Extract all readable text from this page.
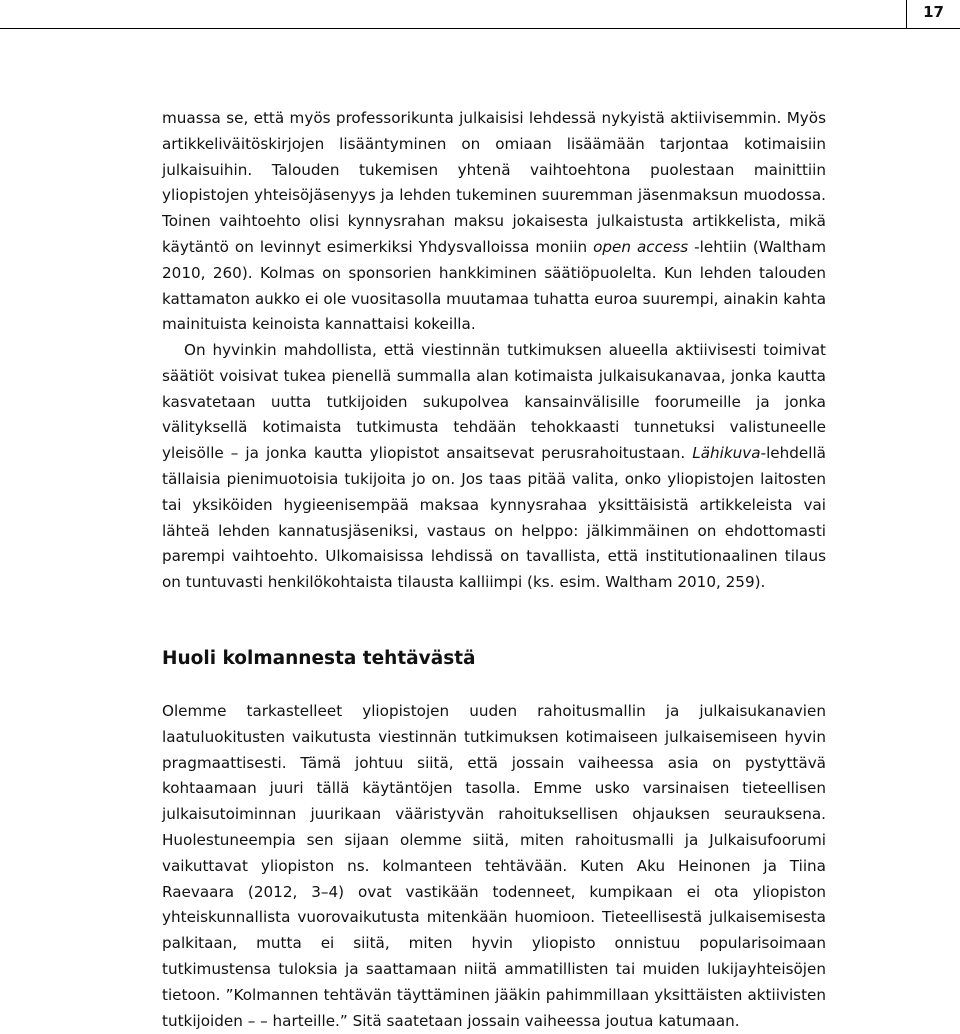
17

muassa se, että myös professorikunta julkaisisi lehdessä nykyistä aktiivisemmin. Myös artikkeliväitöskirjojen lisääntyminen on omiaan lisäämään tarjontaa kotimaisiin julkaisuihin. Talouden tukemisen yhtenä vaihtoehtona puolestaan mainittiin yliopistojen yhteisöjäsenyys ja lehden tukeminen suuremman jäsenmaksun muodossa. Toinen vaihtoehto olisi kynnysrahan maksu jokaisesta julkaistusta artikkelista, mikä käytäntö on levinnyt esimerkiksi Yhdysvalloissa moniin open access -lehtiin (Waltham 2010, 260). Kolmas on sponsorien hankkiminen säätiöpuolelta. Kun lehden talouden kattamaton aukko ei ole vuositasolla muutamaa tuhatta euroa suurempi, ainakin kahta mainituista keinoista kannattaisi kokeilla.

On hyvinkin mahdollista, että viestinnän tutkimuksen alueella aktiivisesti toimivat säätiöt voisivat tukea pienellä summalla alan kotimaista julkaisukanavaa, jonka kautta kasvatetaan uutta tutkijoiden sukupolvea kansainvälisille foorumeille ja jonka välityksellä kotimaista tutkimusta tehdään tehokkaasti tunnetuksi valistuneelle yleisölle – ja jonka kautta yliopistot ansaitsevat perusrahoitustaan. Lähikuva-lehdellä tällaisia pienimuotoisia tukijoita jo on. Jos taas pitää valita, onko yliopistojen laitosten tai yksiköiden hygieenisempää maksaa kynnysrahaa yksittäisistä artikkeleista vai lähteä lehden kannatusjäseniksi, vastaus on helppo: jälkimmäinen on ehdottomasti parempi vaihtoehto. Ulkomaisissa lehdissä on tavallista, että institutionaalinen tilaus on tuntuvasti henkilökohtaista tilausta kalliimpi (ks. esim. Waltham 2010, 259).

Huoli kolmannesta tehtävästä

Olemme tarkastelleet yliopistojen uuden rahoitusmallin ja julkaisukanavien laatuluokitusten vaikutusta viestinnän tutkimuksen kotimaiseen julkaisemiseen hyvin pragmaattisesti. Tämä johtuu siitä, että jossain vaiheessa asia on pystyttävä kohtaamaan juuri tällä käytäntöjen tasolla. Emme usko varsinaisen tieteellisen julkaisutoiminnan juurikaan vääristyvän rahoituksellisen ohjauksen seurauksena. Huolestuneempia sen sijaan olemme siitä, miten rahoitusmalli ja Julkaisufoorumi vaikuttavat yliopiston ns. kolmanteen tehtävään. Kuten Aku Heinonen ja Tiina Raevaara (2012, 3–4) ovat vastikään todenneet, kumpikaan ei ota yliopiston yhteiskunnallista vuorovaikutusta mitenkään huomioon. Tieteellisestä julkaisemisesta palkitaan, mutta ei siitä, miten hyvin yliopisto onnistuu popularisoimaan tutkimustensa tuloksia ja saattamaan niitä ammatillisten tai muiden lukijayhteisöjen tietoon. ”Kolmannen tehtävän täyttäminen jääkin pahimmillaan yksittäisten aktiivisten tutkijoiden – – harteille.” Sitä saatetaan jossain vaiheessa joutua katumaan.
